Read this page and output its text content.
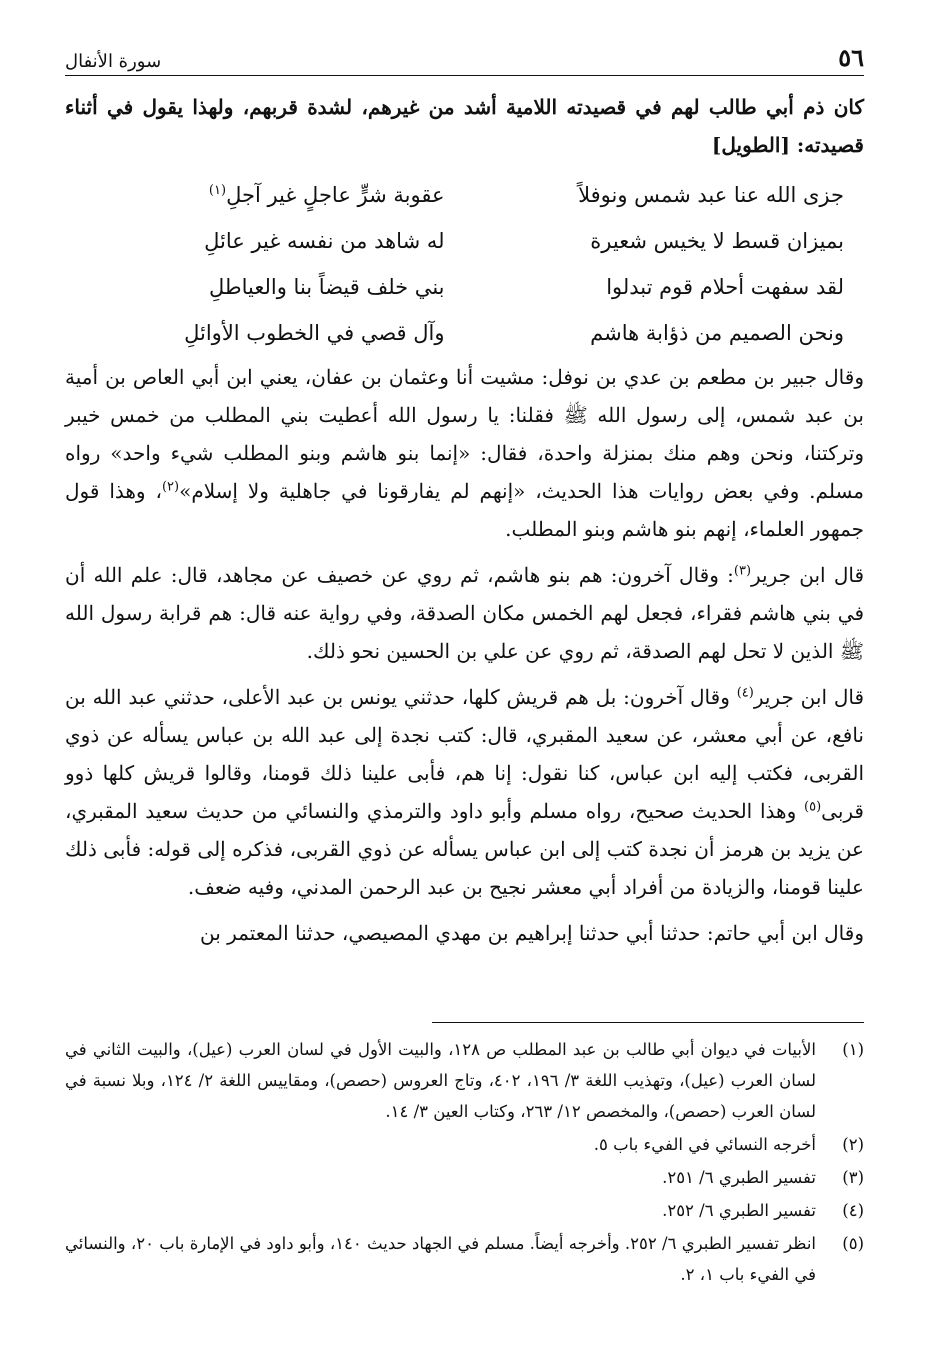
٥٦
سورة الأنفال

كان ذم أبي طالب لهم في قصيدته اللامية أشد من غيرهم، لشدة قربهم، ولهذا يقول في أثناء قصيدته: [الطويل]

جزى الله عنا عبد شمس ونوفلاً
عقوبة شرٍّ عاجلٍ غير آجلِ$^{(١)}$
بميزان قسط لا يخيس شعيرة
له شاهد من نفسه غير عائلِ
لقد سفهت أحلام قوم تبدلوا
بني خلف قيضاً بنا والعياطلِ
ونحن الصميم من ذؤابة هاشم
وآل قصي في الخطوب الأوائلِ

وقال جبير بن مطعم بن عدي بن نوفل: مشيت أنا وعثمان بن عفان، يعني ابن أبي العاص بن أمية بن عبد شمس، إلى رسول الله ﷺ فقلنا: يا رسول الله أعطيت بني المطلب من خمس خيبر وتركتنا، ونحن وهم منك بمنزلة واحدة، فقال: «إنما بنو هاشم وبنو المطلب شيء واحد» رواه مسلم. وفي بعض روايات هذا الحديث، «إنهم لم يفارقونا في جاهلية ولا إسلام»$^{(٢)}$، وهذا قول جمهور العلماء، إنهم بنو هاشم وبنو المطلب.

قال ابن جرير$^{(٣)}$: وقال آخرون: هم بنو هاشم، ثم روي عن خصيف عن مجاهد، قال: علم الله أن في بني هاشم فقراء، فجعل لهم الخمس مكان الصدقة، وفي رواية عنه قال: هم قرابة رسول الله ﷺ الذين لا تحل لهم الصدقة، ثم روي عن علي بن الحسين نحو ذلك.

قال ابن جرير$^{(٤)}$ وقال آخرون: بل هم قريش كلها، حدثني يونس بن عبد الأعلى، حدثني عبد الله بن نافع، عن أبي معشر، عن سعيد المقبري، قال: كتب نجدة إلى عبد الله بن عباس يسأله عن ذوي القربى، فكتب إليه ابن عباس، كنا نقول: إنا هم، فأبى علينا ذلك قومنا، وقالوا قريش كلها ذوو قربى$^{(٥)}$ وهذا الحديث صحيح، رواه مسلم وأبو داود والترمذي والنسائي من حديث سعيد المقبري، عن يزيد بن هرمز أن نجدة كتب إلى ابن عباس يسأله عن ذوي القربى، فذكره إلى قوله: فأبى ذلك علينا قومنا، والزيادة من أفراد أبي معشر نجيح بن عبد الرحمن المدني، وفيه ضعف.

وقال ابن أبي حاتم: حدثنا أبي حدثنا إبراهيم بن مهدي المصيصي، حدثنا المعتمر بن

(١)
الأبيات في ديوان أبي طالب بن عبد المطلب ص ١٢٨، والبيت الأول في لسان العرب (عيل)، والبيت الثاني في لسان العرب (عيل)، وتهذيب اللغة ٣/ ١٩٦، ٤٠٢، وتاج العروس (حصص)، ومقاييس اللغة ٢/ ١٢٤، وبلا نسبة في لسان العرب (حصص)، والمخصص ١٢/ ٢٦٣، وكتاب العين ٣/ ١٤.
(٢)
أخرجه النسائي في الفيء باب ٥.
(٣)
تفسير الطبري ٦/ ٢٥١.
(٤)
تفسير الطبري ٦/ ٢٥٢.
(٥)
انظر تفسير الطبري ٦/ ٢٥٢. وأخرجه أيضاً. مسلم في الجهاد حديث ١٤٠، وأبو داود في الإمارة باب ٢٠، والنسائي في الفيء باب ١، ٢.
